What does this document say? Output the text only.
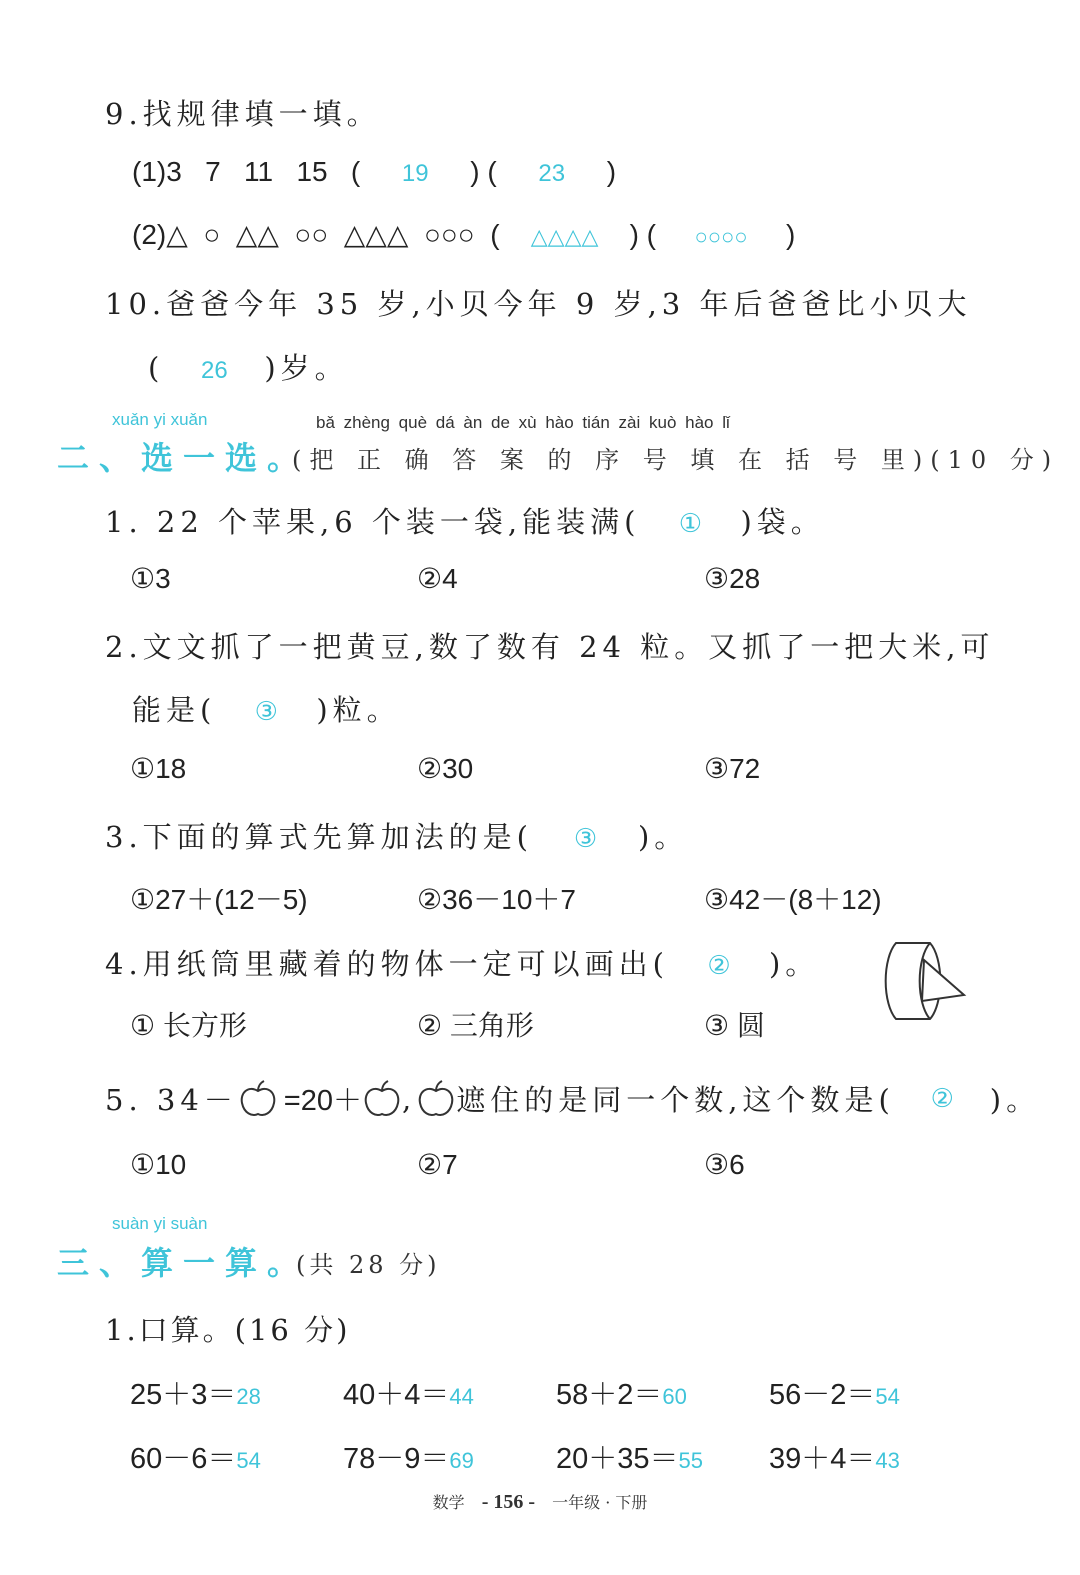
9.找规律填一填。
(1)3   7   11   15   ( 19 ) ( 23 )
(2)△  ○  △△  ○○  △△△  ○○○  ( △△△△ ) ( ○○○○ )
10.爸爸今年 35 岁,小贝今年 9 岁,3 年后爸爸比小贝大
( 26 )岁。
xuǎn yi xuǎn
二、选一选。
bǎ zhèng què dá àn de xù hào tián zài kuò hào lǐ
(把 正 确 答 案 的 序 号 填 在 括 号 里)(10 分)
1. 22 个苹果,6 个装一袋,能装满( ① )袋。
①3	②4	③28
2.文文抓了一把黄豆,数了数有 24 粒。又抓了一把大米,可
能是( ③ )粒。
①18	②30	③72
3.下面的算式先算加法的是( ③ )。
①27＋(12－5)	②36－10＋7	③42－(8＋12)
4.用纸筒里藏着的物体一定可以画出( ② )。
① 长方形	② 三角形	③ 圆
5. 34－ =20＋ , 遮住的是同一个数,这个数是(	②	)。
①10	②7	③6
suàn yi suàn
三、算一算。
(共 28 分)
1.口算。(16 分)
25＋3＝28	40＋4＝44	58＋2＝60	56－2＝54
60－6＝54	78－9＝69	20＋35＝55 39＋4＝43
数学 - 156 - 一年级 · 下册
